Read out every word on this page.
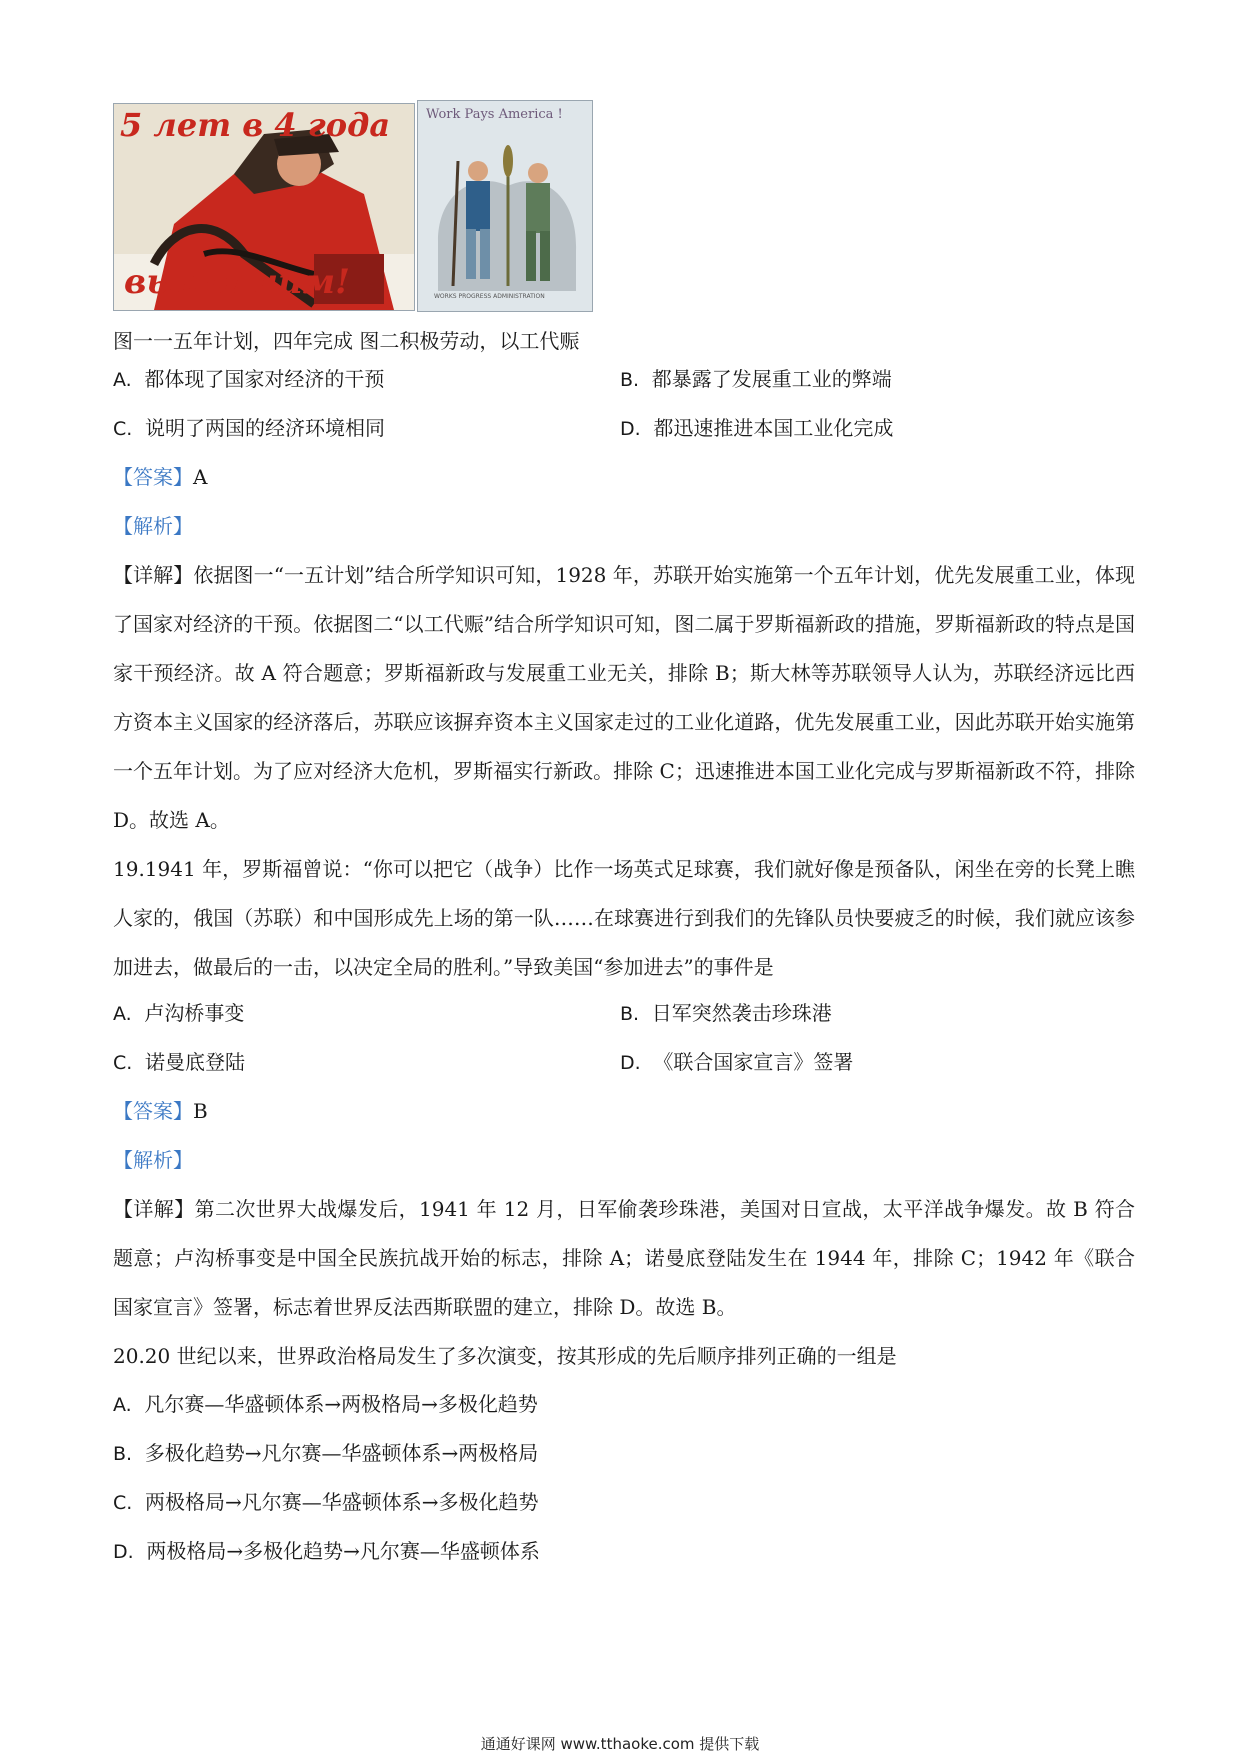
5 лет в 4 года
выполним!
Work Pays America !
WORKS PROGRESS ADMINISTRATION
图一一五年计划，四年完成 图二积极劳动，以工代赈
A. 都体现了国家对经济的干预	B. 都暴露了发展重工业的弊端
C. 说明了两国的经济环境相同	D. 都迅速推进本国工业化完成
【答案】A
【解析】
【详解】依据图一“一五计划”结合所学知识可知，1928 年，苏联开始实施第一个五年计划，优先发展重工业，体现了国家对经济的干预。依据图二“以工代赈”结合所学知识可知，图二属于罗斯福新政的措施，罗斯福新政的特点是国家干预经济。故 A 符合题意；罗斯福新政与发展重工业无关，排除 B；斯大林等苏联领导人认为，苏联经济远比西方资本主义国家的经济落后，苏联应该摒弃资本主义国家走过的工业化道路，优先发展重工业，因此苏联开始实施第一个五年计划。为了应对经济大危机，罗斯福实行新政。排除 C；迅速推进本国工业化完成与罗斯福新政不符，排除 D。故选 A。
19.1941 年，罗斯福曾说：“你可以把它（战争）比作一场英式足球赛，我们就好像是预备队，闲坐在旁的长凳上瞧人家的，俄国（苏联）和中国形成先上场的第一队……在球赛进行到我们的先锋队员快要疲乏的时候，我们就应该参加进去，做最后的一击，以决定全局的胜利。”导致美国“参加进去”的事件是
A. 卢沟桥事变	B. 日军突然袭击珍珠港
C. 诺曼底登陆	D. 《联合国家宣言》签署
【答案】B
【解析】
【详解】第二次世界大战爆发后，1941 年 12 月，日军偷袭珍珠港，美国对日宣战，太平洋战争爆发。故 B 符合题意；卢沟桥事变是中国全民族抗战开始的标志，排除 A；诺曼底登陆发生在 1944 年，排除 C；1942 年《联合国家宣言》签署，标志着世界反法西斯联盟的建立，排除 D。故选 B。
20.20 世纪以来，世界政治格局发生了多次演变，按其形成的先后顺序排列正确的一组是
A. 凡尔赛—华盛顿体系→两极格局→多极化趋势
B. 多极化趋势→凡尔赛—华盛顿体系→两极格局
C. 两极格局→凡尔赛—华盛顿体系→多极化趋势
D. 两极格局→多极化趋势→凡尔赛—华盛顿体系
通通好课网 www.tthaoke.com 提供下载
